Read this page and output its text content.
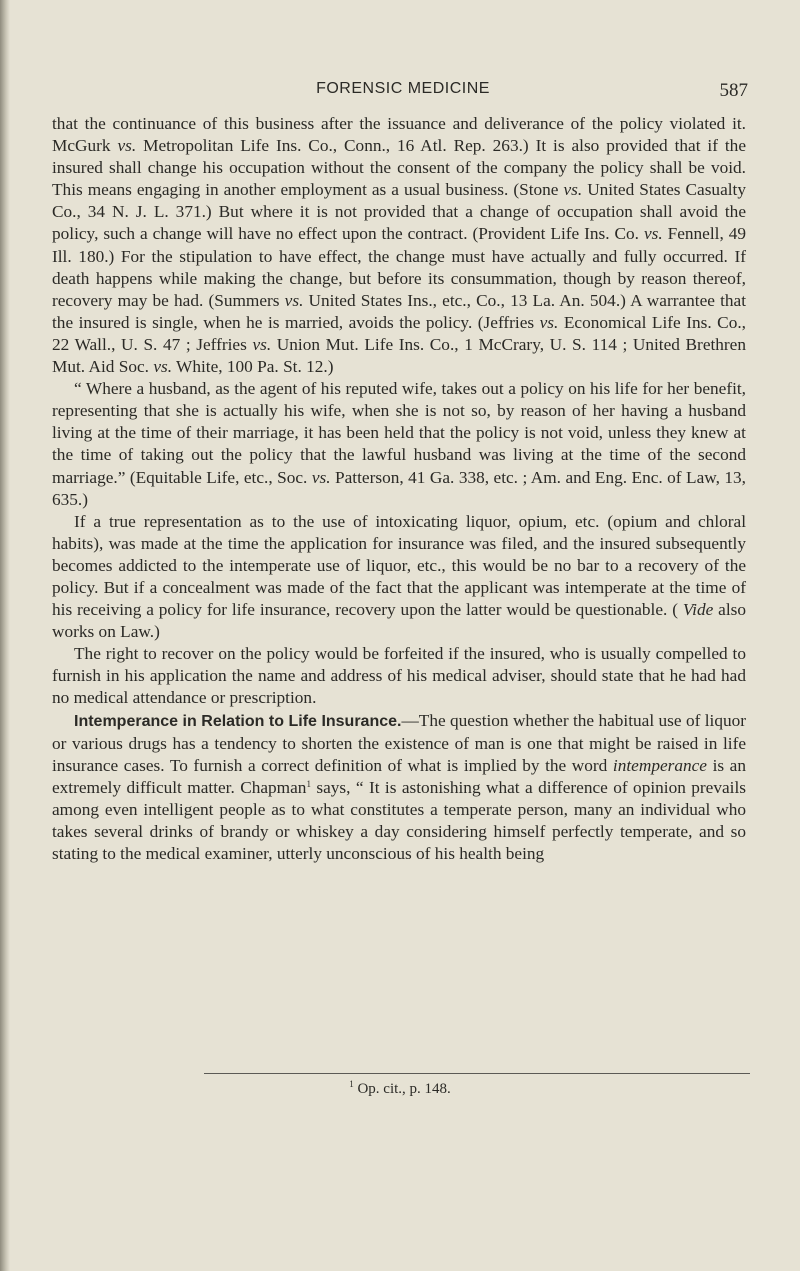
FORENSIC MEDICINE	587

that the continuance of this business after the issuance and deliverance of the policy violated it. McGurk vs. Metropolitan Life Ins. Co., Conn., 16 Atl. Rep. 263.) It is also provided that if the insured shall change his occupation without the consent of the company the policy shall be void. This means engaging in another employment as a usual business. (Stone vs. United States Casualty Co., 34 N. J. L. 371.) But where it is not provided that a change of occupation shall avoid the policy, such a change will have no effect upon the contract. (Provident Life Ins. Co. vs. Fennell, 49 Ill. 180.) For the stipulation to have effect, the change must have actually and fully occurred. If death happens while making the change, but before its consummation, though by reason thereof, recovery may be had. (Summers vs. United States Ins., etc., Co., 13 La. An. 504.) A warrantee that the insured is single, when he is married, avoids the policy. (Jeffries vs. Economical Life Ins. Co., 22 Wall., U. S. 47 ; Jeffries vs. Union Mut. Life Ins. Co., 1 McCrary, U. S. 114 ; United Brethren Mut. Aid Soc. vs. White, 100 Pa. St. 12.)

“ Where a husband, as the agent of his reputed wife, takes out a policy on his life for her benefit, representing that she is actually his wife, when she is not so, by reason of her having a husband living at the time of their marriage, it has been held that the policy is not void, unless they knew at the time of taking out the policy that the lawful husband was living at the time of the second marriage.” (Equitable Life, etc., Soc. vs. Patterson, 41 Ga. 338, etc. ; Am. and Eng. Enc. of Law, 13, 635.)

If a true representation as to the use of intoxicating liquor, opium, etc. (opium and chloral habits), was made at the time the application for insurance was filed, and the insured subsequently becomes addicted to the intemperate use of liquor, etc., this would be no bar to a recovery of the policy. But if a concealment was made of the fact that the applicant was intemperate at the time of his receiving a policy for life insurance, recovery upon the latter would be questionable. ( Vide also works on Law.)

The right to recover on the policy would be forfeited if the insured, who is usually compelled to furnish in his application the name and address of his medical adviser, should state that he had had no medical attendance or prescription.

Intemperance in Relation to Life Insurance.—The question whether the habitual use of liquor or various drugs has a tendency to shorten the existence of man is one that might be raised in life insurance cases. To furnish a correct definition of what is implied by the word intemperance is an extremely difficult matter. Chapman$^1$ says, “ It is astonishing what a difference of opinion prevails among even intelligent people as to what constitutes a temperate person, many an individual who takes several drinks of brandy or whiskey a day considering himself perfectly temperate, and so stating to the medical examiner, utterly unconscious of his health being

$^1$ Op. cit., p. 148.
